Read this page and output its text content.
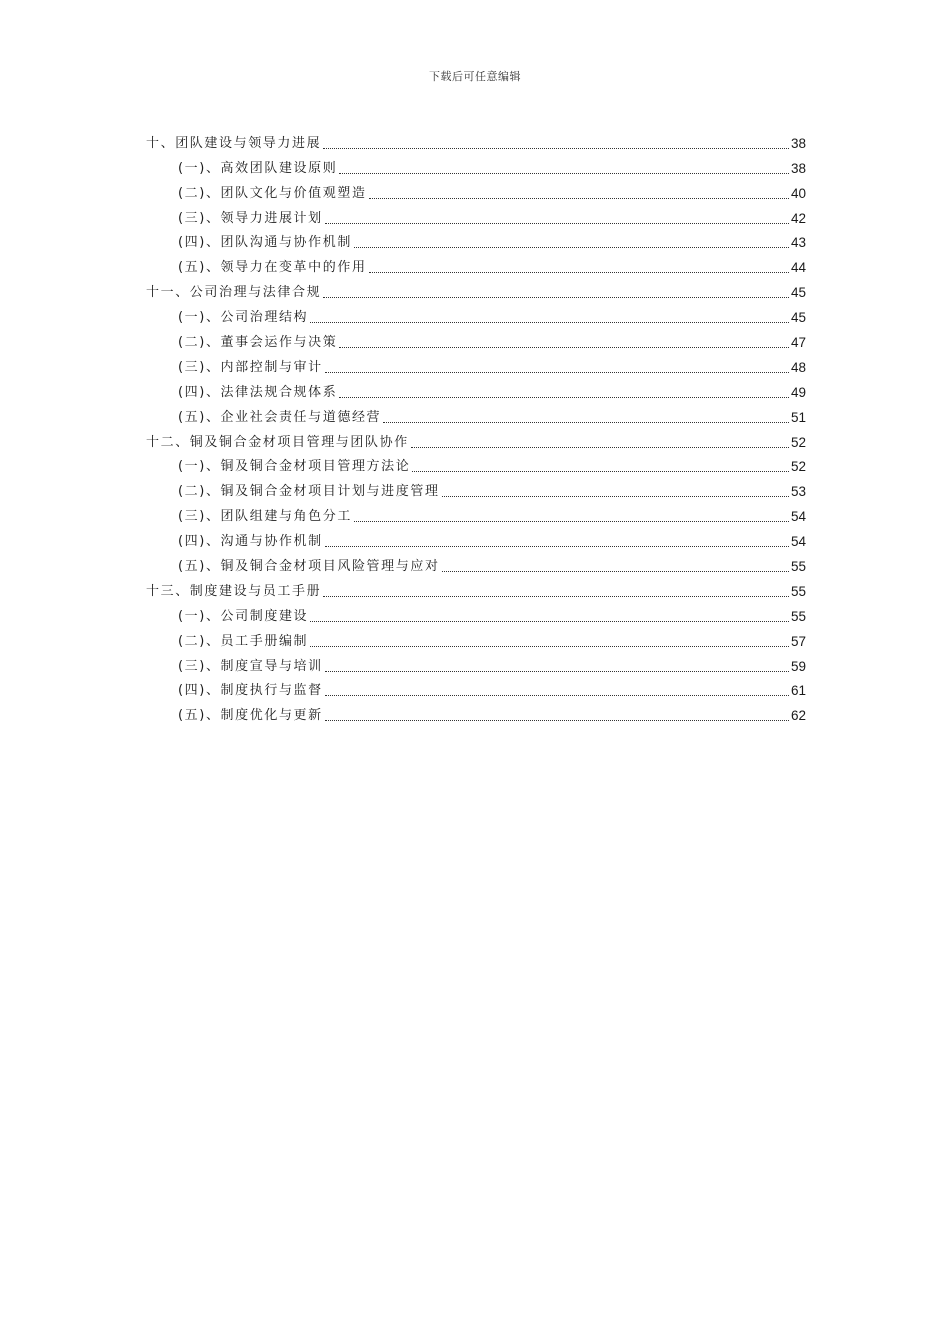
下载后可任意编辑
十、团队建设与领导力进展	38
(一)、高效团队建设原则	38
(二)、团队文化与价值观塑造	40
(三)、领导力进展计划	42
(四)、团队沟通与协作机制	43
(五)、领导力在变革中的作用	44
十一、公司治理与法律合规	45
(一)、公司治理结构	45
(二)、董事会运作与决策	47
(三)、内部控制与审计	48
(四)、法律法规合规体系	49
(五)、企业社会责任与道德经营	51
十二、铜及铜合金材项目管理与团队协作	52
(一)、铜及铜合金材项目管理方法论	52
(二)、铜及铜合金材项目计划与进度管理	53
(三)、团队组建与角色分工	54
(四)、沟通与协作机制	54
(五)、铜及铜合金材项目风险管理与应对	55
十三、制度建设与员工手册	55
(一)、公司制度建设	55
(二)、员工手册编制	57
(三)、制度宣导与培训	59
(四)、制度执行与监督	61
(五)、制度优化与更新	62
